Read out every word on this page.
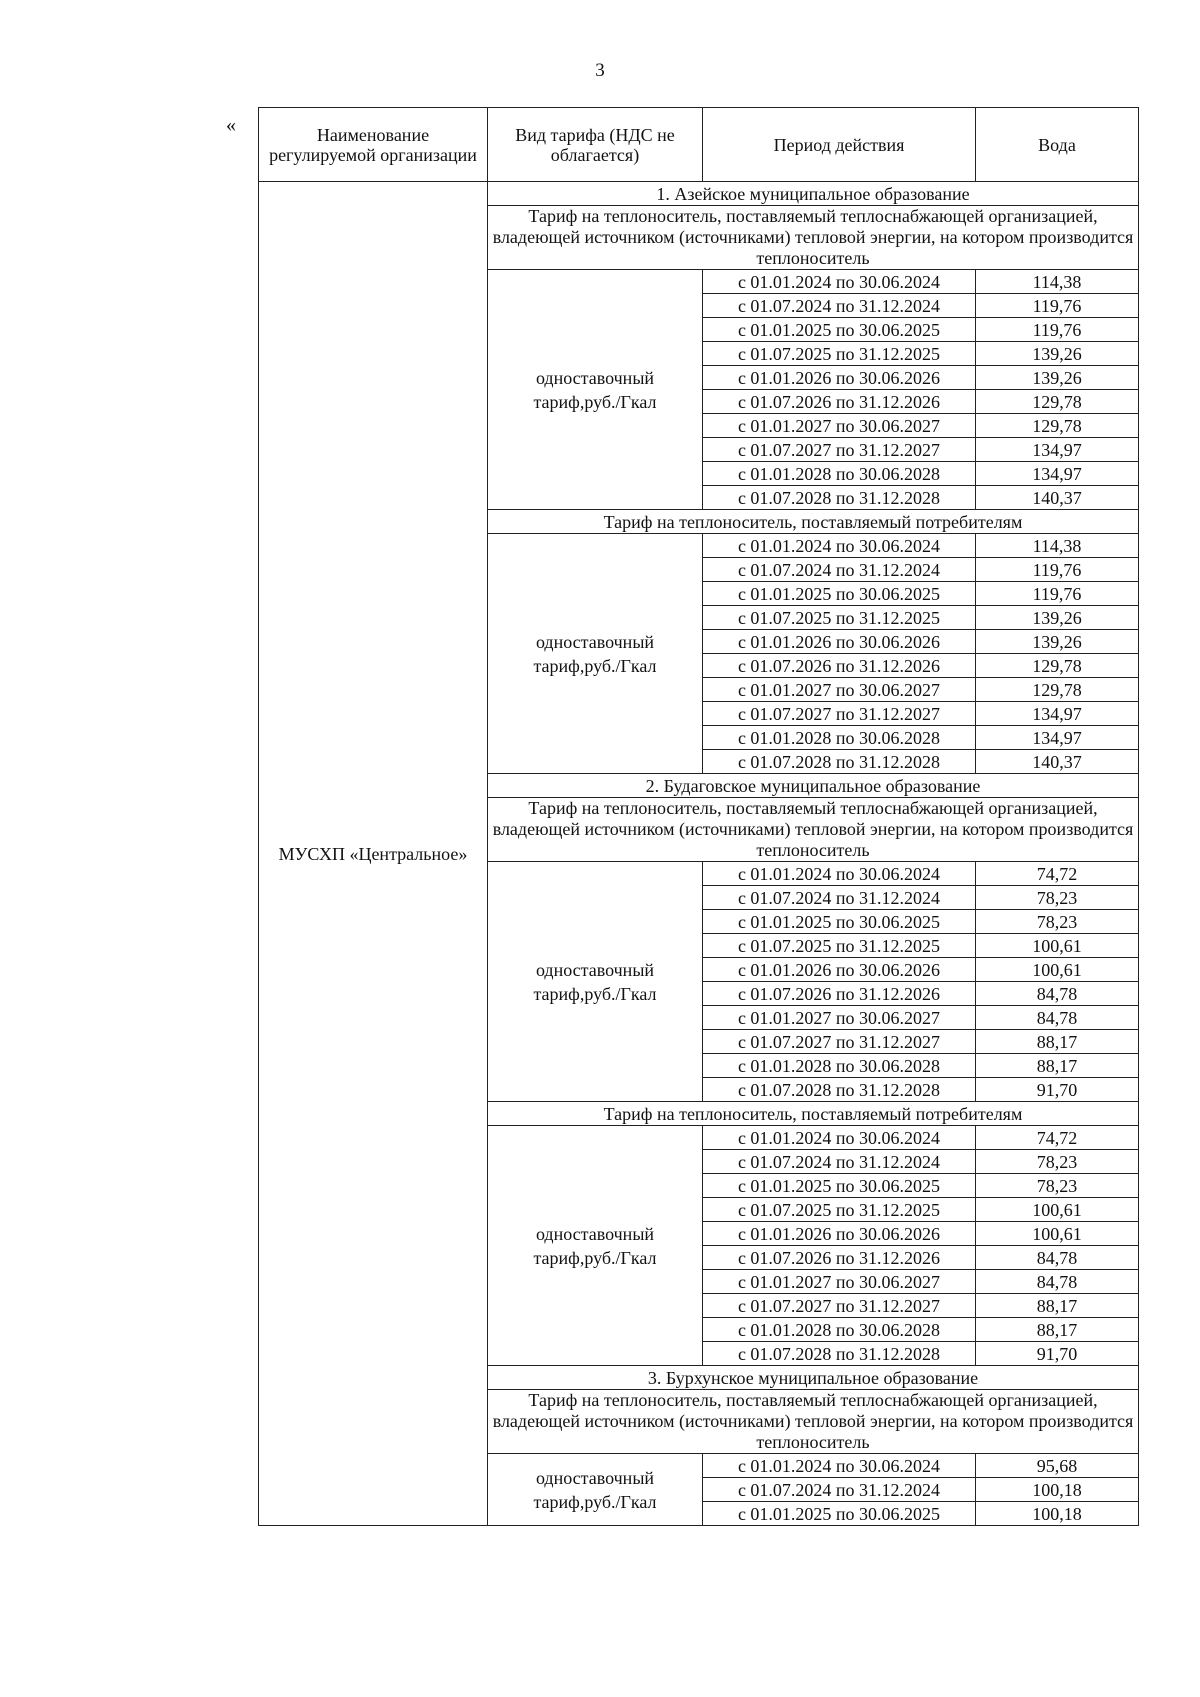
3
«	Наименование регулируемой организации	Вид тарифа (НДС не облагается)	Период действия	Вода
МУСХП «Центральное»	1. Азейское муниципальное образование		
	Тариф на теплоноситель, поставляемый теплоснабжающей организацией, владеющей источником (источниками) тепловой энергии, на котором производится теплоноситель		
	одноставочный тариф,руб./Гкал	с 01.01.2024 по 30.06.2024	114,38
		с 01.07.2024 по 31.12.2024	119,76
		с 01.01.2025 по 30.06.2025	119,76
		с 01.07.2025 по 31.12.2025	139,26
		с 01.01.2026 по 30.06.2026	139,26
		с 01.07.2026 по 31.12.2026	129,78
		с 01.01.2027 по 30.06.2027	129,78
		с 01.07.2027 по 31.12.2027	134,97
		с 01.01.2028 по 30.06.2028	134,97
		с 01.07.2028 по 31.12.2028	140,37
	Тариф на теплоноситель, поставляемый потребителям		
	одноставочный тариф,руб./Гкал	с 01.01.2024 по 30.06.2024	114,38
		с 01.07.2024 по 31.12.2024	119,76
		с 01.01.2025 по 30.06.2025	119,76
		с 01.07.2025 по 31.12.2025	139,26
		с 01.01.2026 по 30.06.2026	139,26
		с 01.07.2026 по 31.12.2026	129,78
		с 01.01.2027 по 30.06.2027	129,78
		с 01.07.2027 по 31.12.2027	134,97
		с 01.01.2028 по 30.06.2028	134,97
		с 01.07.2028 по 31.12.2028	140,37
	2. Будаговское муниципальное образование		
	Тариф на теплоноситель, поставляемый теплоснабжающей организацией, владеющей источником (источниками) тепловой энергии, на котором производится теплоноситель		
	одноставочный тариф,руб./Гкал	с 01.01.2024 по 30.06.2024	74,72
		с 01.07.2024 по 31.12.2024	78,23
		с 01.01.2025 по 30.06.2025	78,23
		с 01.07.2025 по 31.12.2025	100,61
		с 01.01.2026 по 30.06.2026	100,61
		с 01.07.2026 по 31.12.2026	84,78
		с 01.01.2027 по 30.06.2027	84,78
		с 01.07.2027 по 31.12.2027	88,17
		с 01.01.2028 по 30.06.2028	88,17
		с 01.07.2028 по 31.12.2028	91,70
	Тариф на теплоноситель, поставляемый потребителям		
	одноставочный тариф,руб./Гкал	с 01.01.2024 по 30.06.2024	74,72
		с 01.07.2024 по 31.12.2024	78,23
		с 01.01.2025 по 30.06.2025	78,23
		с 01.07.2025 по 31.12.2025	100,61
		с 01.01.2026 по 30.06.2026	100,61
		с 01.07.2026 по 31.12.2026	84,78
		с 01.01.2027 по 30.06.2027	84,78
		с 01.07.2027 по 31.12.2027	88,17
		с 01.01.2028 по 30.06.2028	88,17
		с 01.07.2028 по 31.12.2028	91,70
	3. Бурхунское муниципальное образование		
	Тариф на теплоноситель, поставляемый теплоснабжающей организацией, владеющей источником (источниками) тепловой энергии, на котором производится теплоноситель		
	одноставочный тариф,руб./Гкал	с 01.01.2024 по 30.06.2024	95,68
		с 01.07.2024 по 31.12.2024	100,18
		с 01.01.2025 по 30.06.2025	100,18
